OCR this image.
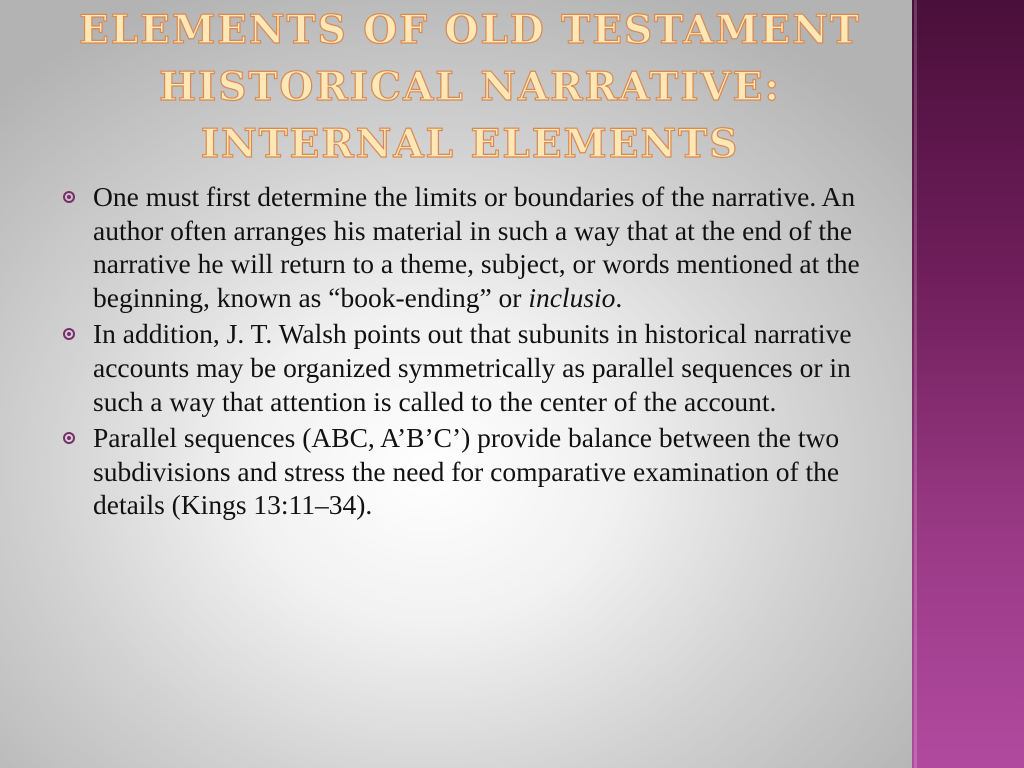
ELEMENTS OF OLD TESTAMENT
HISTORICAL NARRATIVE:
INTERNAL ELEMENTS
One must first determine the limits or boundaries of the narrative. An author often arranges his material in such a way that at the end of the narrative he will return to a theme, subject, or words mentioned at the beginning, known as “book-ending” or inclusio.
In addition, J. T. Walsh points out that subunits in historical narrative accounts may be organized symmetrically as parallel sequences or in such a way that attention is called to the center of the account.
Parallel sequences (ABC, A’B’C’) provide balance between the two subdivisions and stress the need for comparative examination of the details (Kings 13:11–34).
